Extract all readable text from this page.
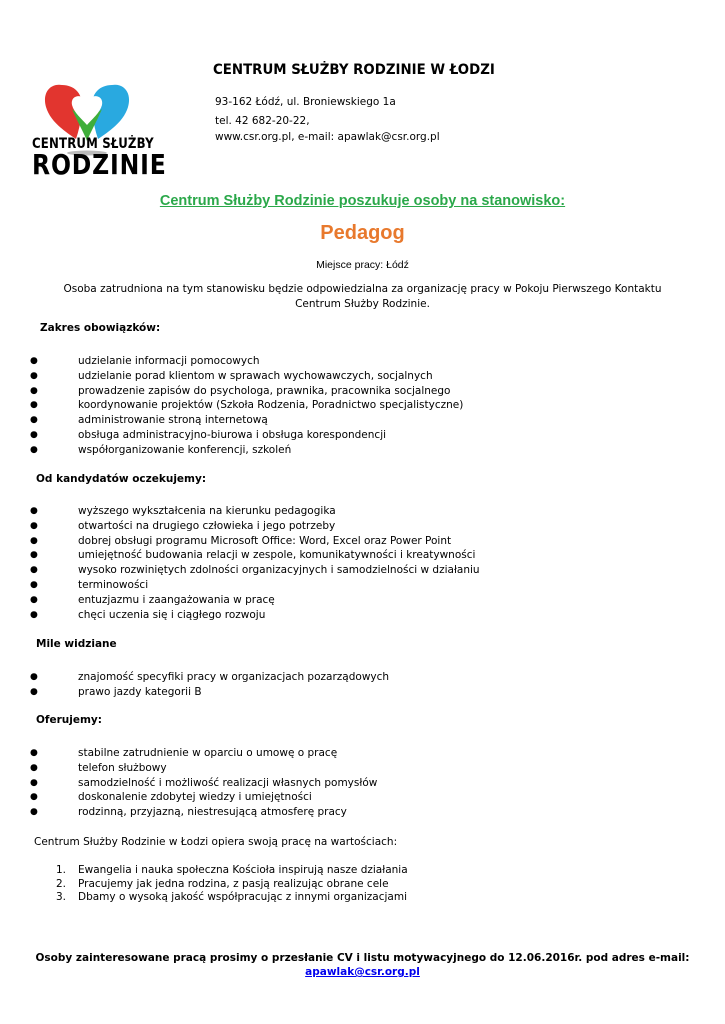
CENTRUM SŁUŻBY
RODZINIE
CENTRUM SŁUŻBY RODZINIE W ŁODZI
93-162 Łódź, ul. Broniewskiego 1a
tel. 42 682-20-22,
www.csr.org.pl, e-mail: apawlak@csr.org.pl
Centrum Służby Rodzinie poszukuje osoby na stanowisko:
Pedagog
Miejsce pracy: Łódź
Osoba zatrudniona na tym stanowisku będzie odpowiedzialna za organizację pracy w Pokoju Pierwszego Kontaktu Centrum Służby Rodzinie.
Zakres obowiązków:
●	udzielanie informacji pomocowych
●	udzielanie porad klientom w sprawach wychowawczych, socjalnych
●	prowadzenie zapisów do psychologa, prawnika, pracownika socjalnego
●	koordynowanie projektów (Szkoła Rodzenia, Poradnictwo specjalistyczne)
●	administrowanie stroną internetową
●	obsługa administracyjno-biurowa i obsługa korespondencji
●	współorganizowanie konferencji, szkoleń
Od kandydatów oczekujemy:
●	wyższego wykształcenia na kierunku pedagogika
●	otwartości na drugiego człowieka i jego potrzeby
●	dobrej obsługi programu Microsoft Office: Word, Excel oraz Power Point
●	umiejętność budowania relacji w zespole, komunikatywności i kreatywności
●	wysoko rozwiniętych zdolności organizacyjnych i samodzielności w działaniu
●	terminowości
●	entuzjazmu i zaangażowania w pracę
●	chęci uczenia się i ciągłego rozwoju
Mile widziane
●	znajomość specyfiki pracy w organizacjach pozarządowych
●	prawo jazdy kategorii B
Oferujemy:
●	stabilne zatrudnienie w oparciu o umowę o pracę
●	telefon służbowy
●	samodzielność i możliwość realizacji własnych pomysłów
●	doskonalenie zdobytej wiedzy i umiejętności
●	rodzinną, przyjazną, niestresującą atmosferę pracy
Centrum Służby Rodzinie w Łodzi opiera swoją pracę na wartościach:
1. Ewangelia i nauka społeczna Kościoła inspirują nasze działania
2. Pracujemy jak jedna rodzina, z pasją realizując obrane cele
3. Dbamy o wysoką jakość współpracując z innymi organizacjami
Osoby zainteresowane pracą prosimy o przesłanie CV i listu motywacyjnego do 12.06.2016r. pod adres e-mail:
apawlak@csr.org.pl
